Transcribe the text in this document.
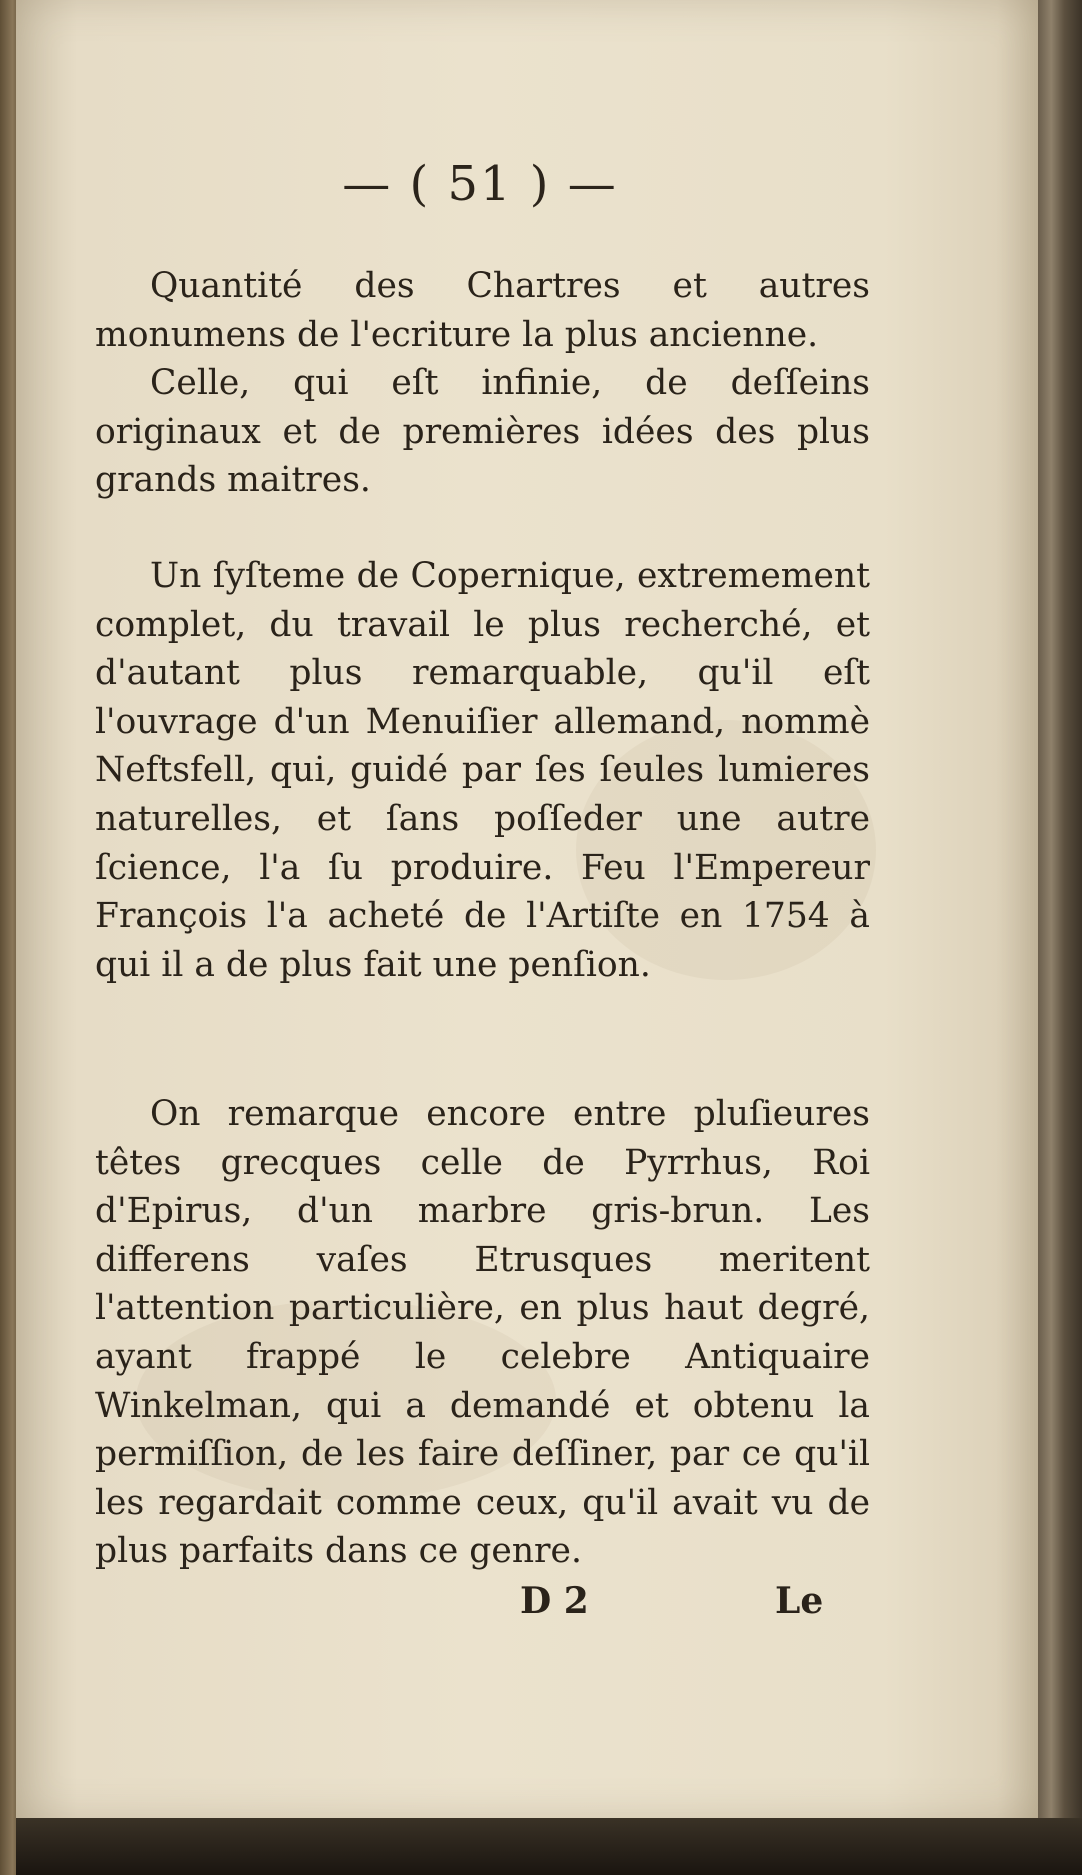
— ( 51 ) —

Quantité des Chartres et autres monumens de l'ecriture la plus ancienne.

Celle, qui eſt infinie, de deſſeins originaux et de premières idées des plus grands maitres.

Un ſyſteme de Copernique, extremement complet, du travail le plus recherché, et d'autant plus remarquable, qu'il eſt l'ouvrage d'un Menuiſier allemand, nommè Neftsfell, qui, guidé par ſes ſeules lumieres naturelles, et ſans poſſeder une autre ſcience, l'a ſu produire. Feu l'Empereur François l'a acheté de l'Artiſte en 1754 à qui il a de plus fait une penſion.

On remarque encore entre pluſieures têtes grecques celle de Pyrrhus, Roi d'Epirus, d'un marbre gris-brun. Les differens vaſes Etrusques meritent l'attention particulière, en plus haut degré, ayant frappé le celebre Antiquaire Winkelman, qui a demandé et obtenu la permiſſion, de les faire deſſiner, par ce qu'il les regardait comme ceux, qu'il avait vu de plus parfaits dans ce genre.

D 2	Le
